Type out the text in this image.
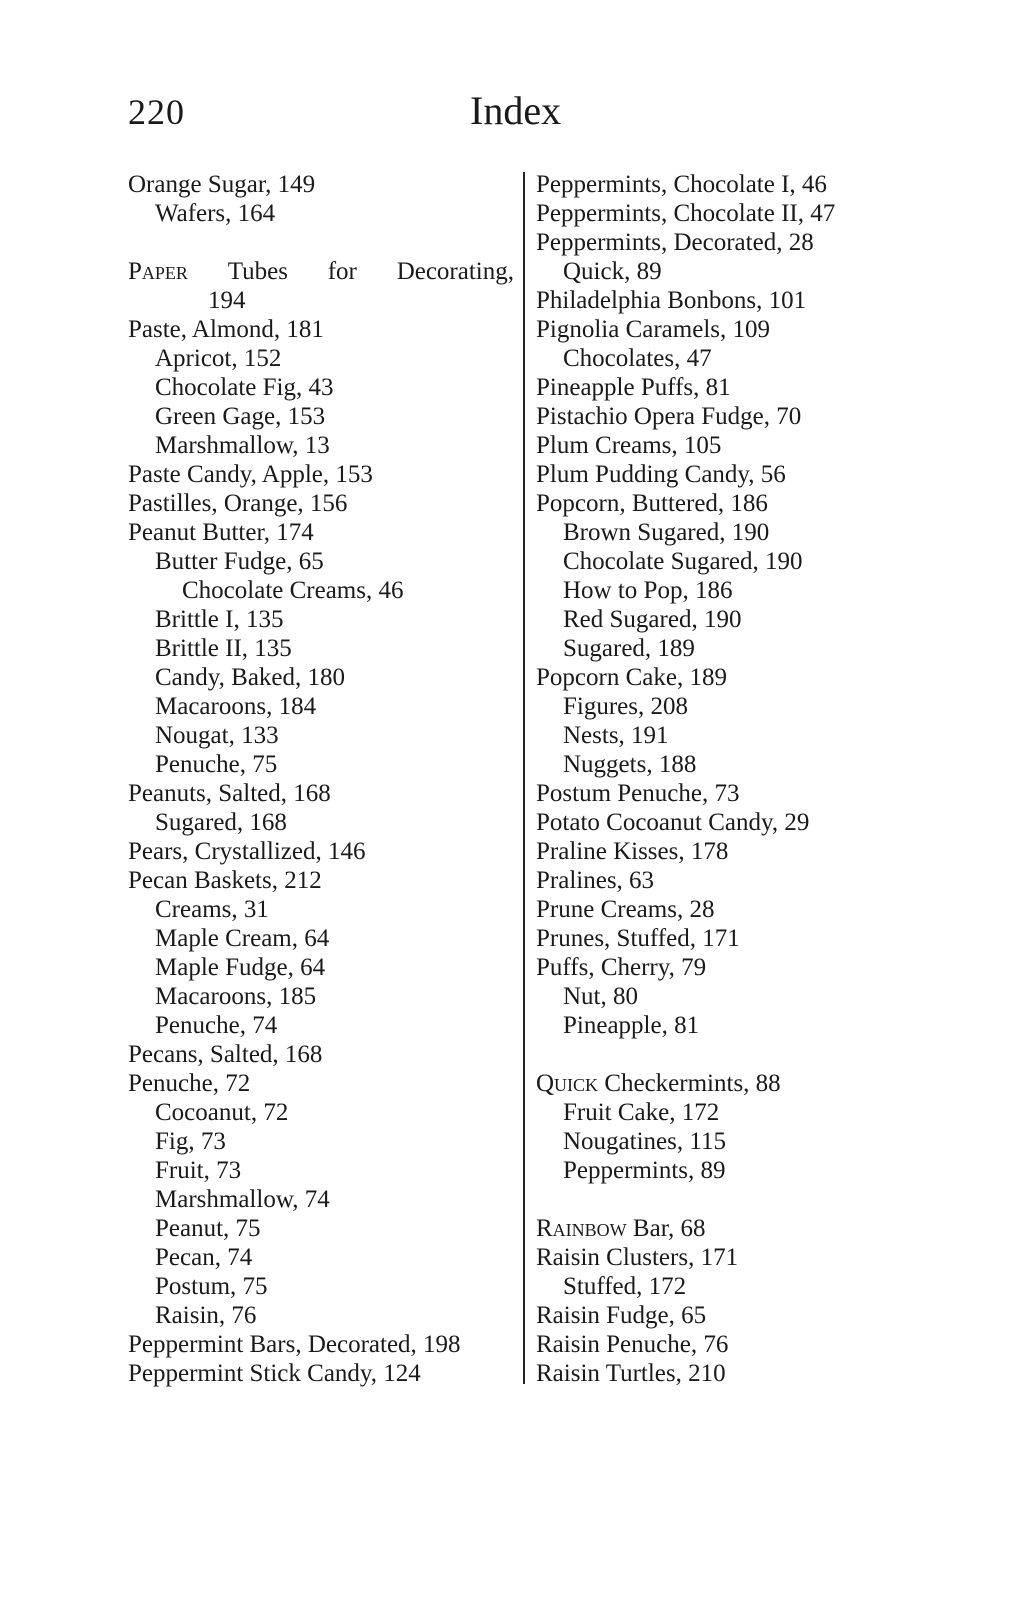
220	Index
Orange Sugar, 149
Wafers, 164
Paper Tubes for Decorating,
194
Paste, Almond, 181
Apricot, 152
Chocolate Fig, 43
Green Gage, 153
Marshmallow, 13
Paste Candy, Apple, 153
Pastilles, Orange, 156
Peanut Butter, 174
Butter Fudge, 65
Chocolate Creams, 46
Brittle I, 135
Brittle II, 135
Candy, Baked, 180
Macaroons, 184
Nougat, 133
Penuche, 75
Peanuts, Salted, 168
Sugared, 168
Pears, Crystallized, 146
Pecan Baskets, 212
Creams, 31
Maple Cream, 64
Maple Fudge, 64
Macaroons, 185
Penuche, 74
Pecans, Salted, 168
Penuche, 72
Cocoanut, 72
Fig, 73
Fruit, 73
Marshmallow, 74
Peanut, 75
Pecan, 74
Postum, 75
Raisin, 76
Peppermint Bars, Decorated, 198
Peppermint Stick Candy, 124
Peppermints, Chocolate I, 46
Peppermints, Chocolate II, 47
Peppermints, Decorated, 28
Quick, 89
Philadelphia Bonbons, 101
Pignolia Caramels, 109
Chocolates, 47
Pineapple Puffs, 81
Pistachio Opera Fudge, 70
Plum Creams, 105
Plum Pudding Candy, 56
Popcorn, Buttered, 186
Brown Sugared, 190
Chocolate Sugared, 190
How to Pop, 186
Red Sugared, 190
Sugared, 189
Popcorn Cake, 189
Figures, 208
Nests, 191
Nuggets, 188
Postum Penuche, 73
Potato Cocoanut Candy, 29
Praline Kisses, 178
Pralines, 63
Prune Creams, 28
Prunes, Stuffed, 171
Puffs, Cherry, 79
Nut, 80
Pineapple, 81
Quick Checkermints, 88
Fruit Cake, 172
Nougatines, 115
Peppermints, 89
Rainbow Bar, 68
Raisin Clusters, 171
Stuffed, 172
Raisin Fudge, 65
Raisin Penuche, 76
Raisin Turtles, 210
